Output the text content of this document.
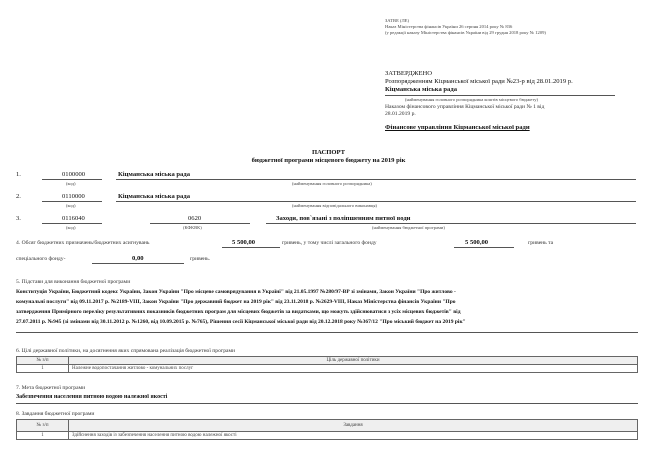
ЗАТВЕ (ЛЕ)
Наказ Міністерства фінансів України 26 серпня 2014 року № 836
(у редакції наказу Міністерства фінансів України від 29 грудня 2018 року № 1209)
ЗАТВЕРДЖЕНО
Розпорядженням Кіцманської міської ради №23-р від 28.01.2019 р.
Кіцманська міська рада
(найменування головного розпорядника коштів місцевого бюджету)
Наказом фінансового управління Кіцманської міської ради № 1 від
28.01.2019 р.
Фінансове управління Кіцманської міської ради
ПАСПОРТ
бюджетної програми місцевого бюджету на 2019 рік
1.	0100000	Кіцманська міська рада
(код)	(найменування головного розпорядника)
2.	0110000	Кіцманська міська рада
(код)	(найменування відповідального виконавця)
3.	0116040	0620	Заходи, пов`язані з поліпшенням питної води
(код)	(КФКВК)	(найменування бюджетної програми)
4. Обсяг бюджетних призначень/бюджетних асигнувань	5 500,00	гривень, у тому числі загального фонду	5 500,00	гривень та
спеціального фонду-	0,00	гривень.
5. Підстави для виконання бюджетної програми
Конституція України, Бюджетний кодекс України, Закон України "Про місцеве самоврядування в Україні" від 21.05.1997 №280/97-ВР зі змінами, Закон України "Про житлово -
комунальні послуги" від 09.11.2017 р. №2189-VIII, Закон України "Про державний бюджет на 2019 рік" від 23.11.2018 р. №2629-VIII, Наказ Міністерства фінансів України "Про
затвердження Примірного переліку результативних показників бюджетних програм для місцевих бюджетів за видатками, що можуть здійснюватися з усіх місцевих бюджетів" від
27.07.2011 р. №945 (зі змінами від 30.11.2012 р. №1260, від 10.09.2015 р. №765), Рішення сесії Кіцманської міської ради від 20.12.2018 року №367/12 "Про міський бюджет на 2019 рік"
6. Цілі державної політики, на досягнення яких спрямована реалізація бюджетної програми
№ з/п	Ціль державної політики
1	Належне водопостачання житлово - комунальних послуг
7. Мета бюджетної програми
Забезпечення населення питною водою належної якості
8. Завдання бюджетної програми
№ з/п	Завдання
1	Здійснення заходів із забезпечення населення питною водою належної якості
